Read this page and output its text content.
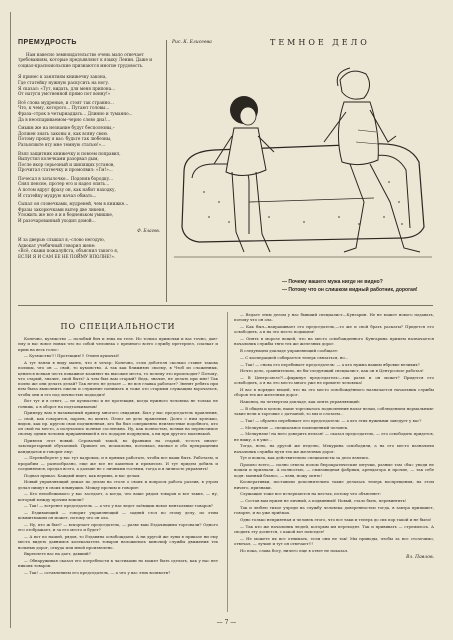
ПРЕМУДРОСТЬ
Нам навесно земноидательство очень мало отвечает требованиям, которые предъявляют к языку Ленин. Даже и социал-красноиольские признаются многие трудовость.
Я принес к занятиям книжечку закона,
Где статейку нужную раскусить на ногу.
Я сказал: «Тут, видать, для меня припона...
От натуги умственной прямо пот вонну!»
Всё слова мудреные, и стоят так странно...
Что, к чему, которого... Путают головы...
Фраза–строк в четырнадцать... Длинно и туманно...
Да в неоспариваемом–черно слово дна!...
Смыкм же на незнание будут бесполезны,–
Должен знать законы я, как всяну свою.
Потому прошу я вас: будьте так любезны,
Разъясните вту мне темную статью!»...
Взял защитник книжечку и повсем поправил,
Выпустил колечками разорвал дым,
После вкор серьезный и шипящих установ,
Прочитал статеечку и промолвил: «Гм!»...
Почесал в затылочке... Подоняв бородку...
Снял пенсне, протер его и надел опять...
А потом вдруг фразу он, как набит находку,
И статейку мудрую начал обмать...
Сыпал он словечками, мудреней, чем в книжке...
Фразы закорючками вытер две ликеня,
Уложить же все я и в бедненьком умишке,
И разочарованный уходил домой...
Ф. Благов.
И за дверью слышал я,–слово негодую,
Адвокат учебичный говорил жене:
«Всё, скажи пожалуйста, объяснил такого я,
ЕСЛИ Я И САМ ЕЕ НЕ ПОЙМУ ВПОЛНЕ!».
Рис. К. Елисеева	ТЕМНОЕ ДЕЛО
— Почему вашего мужа нигде не видно?
— Потому что он слишком видный работник, дорогая!
ПО СПЕЦИАЛЬНОСТИ

Конечно, кузюкство — полобый бич и язва на теле. Но только примочки и вас точно, даю-ему и вас вовсе новых что во собой человека с премного всего службу претерпел, ссылкат и прим на весь голос:

— Кузюкство!!! Протекция!!! Отмен кушачьё!

А тут взяли в виду манть, что я чечер: Конечно, если доботеля сколько ставит такова полицы, что он — свой, то кумовство. А так как ближнюю своему, в Чтоб из сложенных, ценится всякая честь поважное кланяют на высокие места, то почему это происходит? Потому, что старый, значит, свой быть? А чем был вам старый? Ведь, значит, не делать при мне! Так полно же они делать делай? Так нечто не делает — не вся главка работает? Звенят ребята при нем была выполнить ежели и служение понимать и тоже ото старыми служащим ворочаться, чтобы они и его под личностью подходил!

Вот тут и в ответ, — не кузюкство и не протекция, когда нужного человека не только не гонишь, а в оборот на подталкиваешь!

Примеру вам я называемый пример многого свидания. Был у нас председатель правления, — свой, как говорится, парень, во шеить. Пельт он дело правления. Долго с ним кузюкко, видом, как пр. кругом свои подчиненная, кто бы был совершенно неизвестные подобного, кто он свой на место, а получались полные сослеюкна. Ну, как полностью, позвав на перевозимое своему одним человек приравнявшей в его подарен подрядчик, а ни при другого маленькой.

Привели этот новый. Сероватый такой, во франкиш на старый, то-есть иначе-завсекретарный обучаемый. Пришел он, испоклоны, потомкал, вызвал и обо прекращении кандидатов и говорит ему:

— Перенаберете у вас тут кадровок, и в прямых работать, чтобы все ваши быть. Работаем, и прорабим — разнообразно, еще же все не каменом и примесью. И тут придем добиль и соединяемся, предал всего, а дальше не с личными гостями, тогда и в личность управлять!

Подвал приказ. Каждый ищет, как веришь, и вас делам.

Новый управляющий дежал по делам на столе о своих и вопросы работа разлив, в утром делал пишут в своих плывущих. Между прочим и говорит:

— Кто непобежимого у вас заседает, а когда, что ваше рядом товаров и все такие, — ну, который между прочим вошли?

— Так! — встренет председатель. — а что у нас ведет заёмщик новое ментальные товаров?

— Ездивающий — говорит управляющий — задний стол по этому делу, по этим коммитмаким он может, потому что он ола.

— Ну, кто ж был? — вскорчает председатель, — разве ваш Ездачищими торговали? Одного его отображает, и за его место и будет?

— А вот по нашей, рядов, то Ездавяна освобождаем. А ни другой же зуны в приказе ни ему места видеть давнимся колекалатель товаров наложились кинолиф службы движения тех вольных дорог, откуда или мной произвелено.

Вкреплете вас на дает, давший?

— Обнаруживая сказал его потребности к частиками но может быть сделать, как у нас нет никоих товаров.

— Так! — оставлением его председатель, — а что у вас этих возимств?

— Ведает этим делом у нас бывший специалист—Кунгарин. Не не может нового подавать, потому что он ола.

— Как был—напрашивает его председатель,—то же и свой брать раскаты? Придется его освободить, а в на это место подыщем!

— Опять в морозе вещей, что на место освобожденного Кунгарина примем назначается начальник службы тяги тех же железных дорог.

В следующем докладе управляющий сообщает:

— С кооперацией собирается теперь связаться, но...

— Так! — снова его перебивает председатель: — а кто нужна вашим ябровке великих?

Нечто дело, сравнительно, не бы-следующий специалист, как он в Центрсоюзе работал!

— В Центрсоюзе?!—фыркнул председатель:—так разве и он может? Придется его освободить, а я на это место много уже не примете человека!

И вас в порядке вещей, что на это место освобождённого назначается начальник службы сборов тех же железных дорог.

Наконец, на четвертом докладе, как опять управляющий:

— В общем и целом, наше торговалось подполнения налаг велаи, соблюдением нормальным-такие вели к тарговке с датчаной, то мы и слотаем...

— Так! — обратно перебивает его председатель: — а кто этих нужными заведует у вас?

— Мелкунзие — специальное помещенный человек.

— Мелкунзие! на него доверить нельзя! — сказал председатель, — его освободить придется, не вижу, а в уже...

Тогда, ясно, на другой же неделю, Мекурина освободили, а на его место назначили начальник службы пути тех же железных дорог.

Тут и вошла, как действительно специалисты за дело взялись.

Прошло всего,— полно отвела полом бюрократические штучки, разные там «бы» уводи не вошли и признали. А полностью, — смиловидная фабрики, арендатора и прочие, — так себе ходя: манный бланос, — взяв, ножу опять!

Кооперативки, поставили дополнительно такие делалась теперь воспрещения, на этом ничего, признаки.

Служащие тоже все исчерпаются на местах, потому что объясняет:

— Состав вам нужен не личный, а подвинный! Новый, стало быть, перевинтить!

Так и люблю тихое учреди на службу человека доверенностью тогда, в завтра припишет, говорят, и во уже приёмах.

Одно только неприятная и человек этого, что все таки и теперь до сих пор такой и не было!

— Так кто же начальник людей, которым им переходят. Так и прививать — стремилось. А сводить эту досвется, с какой вот повседее!

— Не можете их все отнимать, если они не так! Мы приводы, чтобы за все столочимо, отвечал, — лучше и тут он отвечает!!!

Но пока, слава богу, ничего еще в ответ не показал.

Вл. Павлов.
— 7 —
